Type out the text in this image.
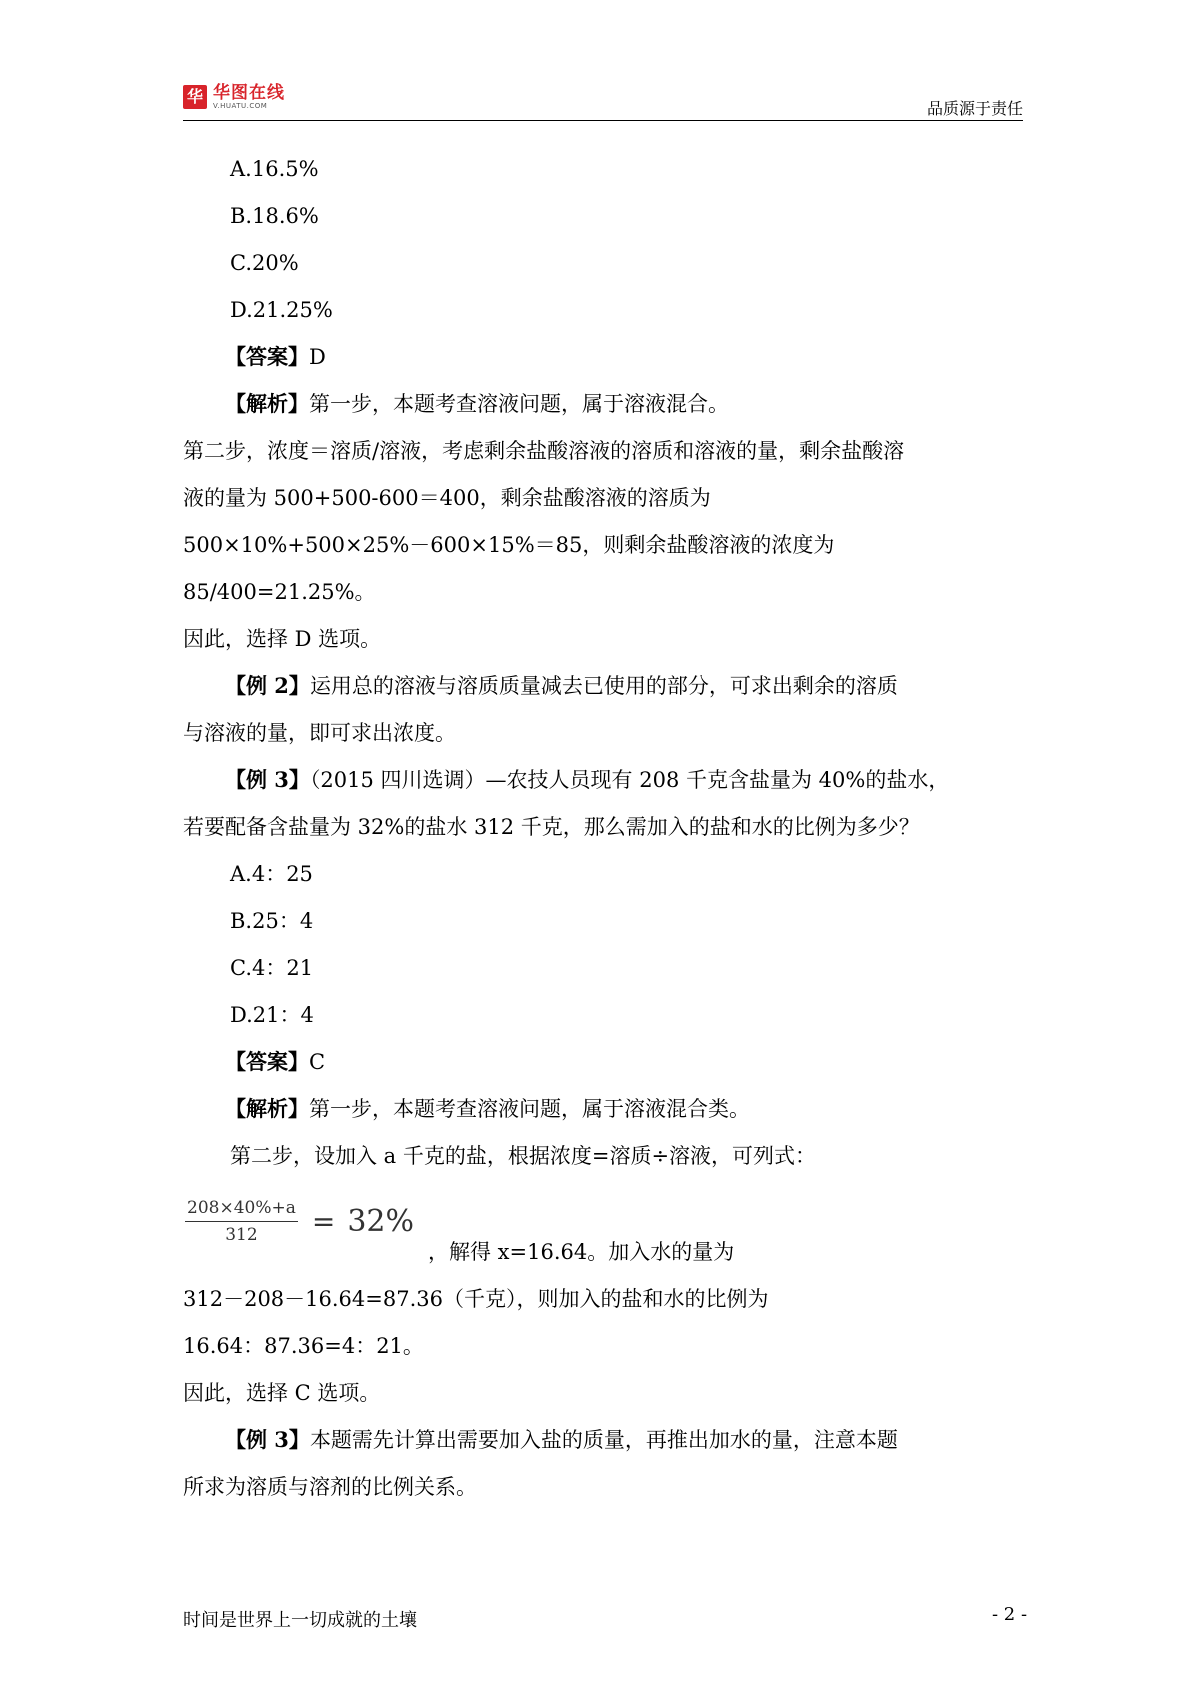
华 华图在线
V.HUATU.COM	品质源于责任
A.16.5%
B.18.6%
C.20%
D.21.25%
【答案】D
【解析】第一步，本题考查溶液问题，属于溶液混合。
第二步，浓度＝溶质/溶液，考虑剩余盐酸溶液的溶质和溶液的量，剩余盐酸溶
液的量为 500+500-600＝400，剩余盐酸溶液的溶质为
500×10%+500×25%－600×15%＝85，则剩余盐酸溶液的浓度为
85/400=21.25%。
因此，选择 D 选项。
【例 2】运用总的溶液与溶质质量减去已使用的部分，可求出剩余的溶质
与溶液的量，即可求出浓度。
【例 3】（2015 四川选调）—农技人员现有 208 千克含盐量为 40%的盐水，
若要配备含盐量为 32%的盐水 312 千克，那么需加入的盐和水的比例为多少？
A.4：25
B.25：4
C.4：21
D.21：4
【答案】C
【解析】第一步，本题考查溶液问题，属于溶液混合类。
第二步，设加入 a 千克的盐，根据浓度=溶质÷溶液，可列式：
$\frac{208\times 40\%+a}{312} = 32\%$
，解得 x=16.64。加入水的量为
312－208－16.64=87.36（千克），则加入的盐和水的比例为
16.64：87.36=4：21。
因此，选择 C 选项。
【例 3】本题需先计算出需要加入盐的质量，再推出加水的量，注意本题
所求为溶质与溶剂的比例关系。
时间是世界上一切成就的土壤	- 2 -
